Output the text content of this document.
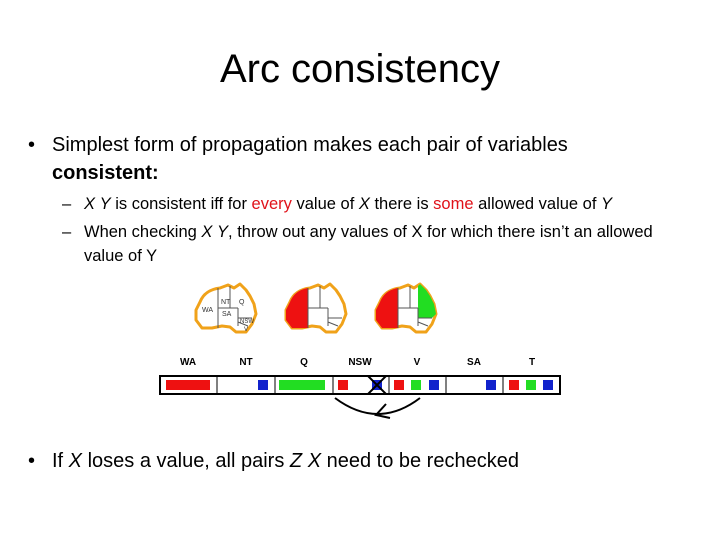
Arc consistency
• Simplest form of propagation makes each pair of variables consistent:
– X Y is consistent iff for every value of X there is some allowed value of Y
– When checking X Y, throw out any values of X for which there isn’t an allowed value of Y
WA
NT Q
SA
NSW
V
WA	NT	Q	NSW	V	SA	T
• If X loses a value, all pairs Z X need to be rechecked
